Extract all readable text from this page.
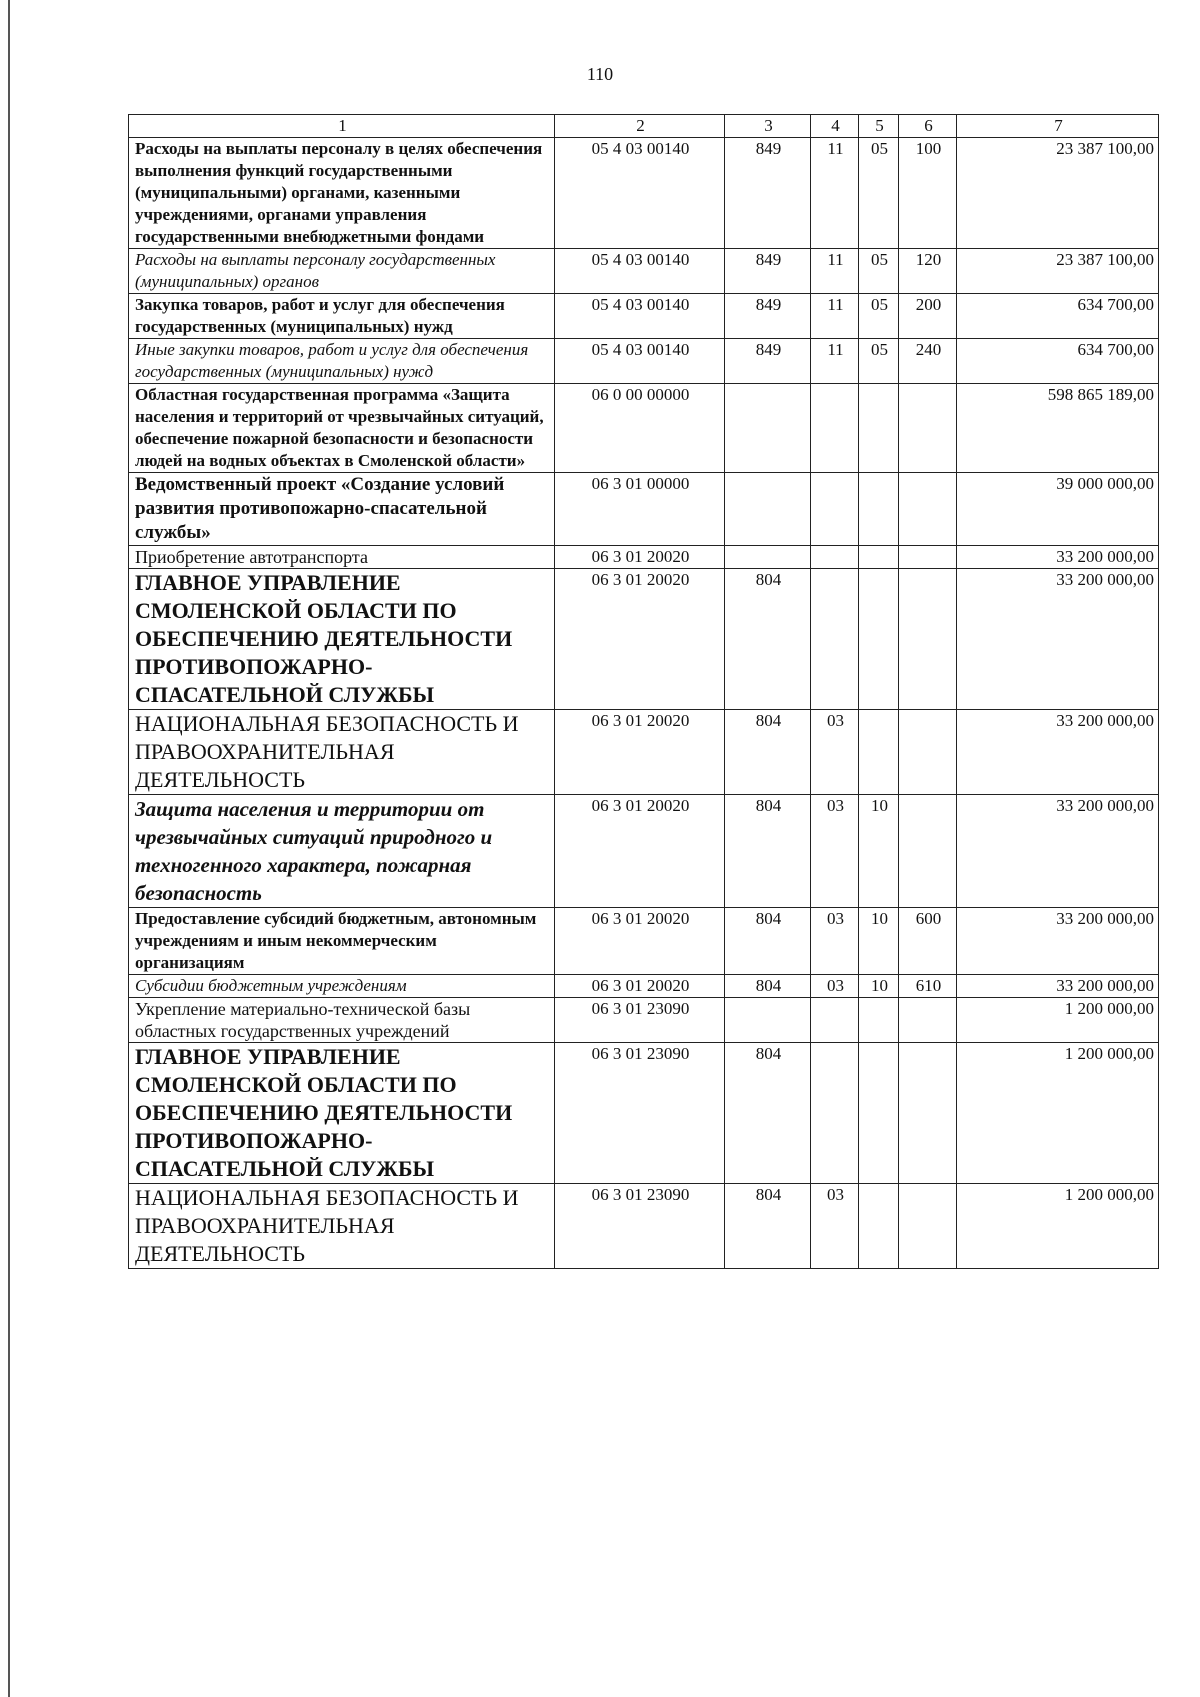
110
1	2	3	4	5	6	7
Расходы на выплаты персоналу в целях обеспечения выполнения функций государственными (муниципальными) органами, казенными учреждениями, органами управления государственными внебюджетными фондами	05 4 03 00140	849	11	05	100	23 387 100,00
Расходы на выплаты персоналу государственных (муниципальных) органов	05 4 03 00140	849	11	05	120	23 387 100,00
Закупка товаров, работ и услуг для обеспечения государственных (муниципальных) нужд	05 4 03 00140	849	11	05	200	634 700,00
Иные закупки товаров, работ и услуг для обеспечения государственных (муниципальных) нужд	05 4 03 00140	849	11	05	240	634 700,00
Областная государственная программа «Защита населения и территорий от чрезвычайных ситуаций, обеспечение пожарной безопасности и безопасности людей на водных объектах в Смоленской области»	06 0 00 00000					598 865 189,00
Ведомственный проект «Создание условий развития противопожарно-спасательной службы»	06 3 01 00000					39 000 000,00
Приобретение автотранспорта	06 3 01 20020					33 200 000,00
ГЛАВНОЕ УПРАВЛЕНИЕ СМОЛЕНСКОЙ ОБЛАСТИ ПО ОБЕСПЕЧЕНИЮ ДЕЯТЕЛЬНОСТИ ПРОТИВОПОЖАРНО-СПАСАТЕЛЬНОЙ СЛУЖБЫ	06 3 01 20020	804				33 200 000,00
НАЦИОНАЛЬНАЯ БЕЗОПАСНОСТЬ И ПРАВООХРАНИТЕЛЬНАЯ ДЕЯТЕЛЬНОСТЬ	06 3 01 20020	804	03			33 200 000,00
Защита населения и территории от чрезвычайных ситуаций природного и техногенного характера, пожарная безопасность	06 3 01 20020	804	03	10		33 200 000,00
Предоставление субсидий бюджетным, автономным учреждениям и иным некоммерческим организациям	06 3 01 20020	804	03	10	600	33 200 000,00
Субсидии бюджетным учреждениям	06 3 01 20020	804	03	10	610	33 200 000,00
Укрепление материально-технической базы областных государственных учреждений	06 3 01 23090					1 200 000,00
ГЛАВНОЕ УПРАВЛЕНИЕ СМОЛЕНСКОЙ ОБЛАСТИ ПО ОБЕСПЕЧЕНИЮ ДЕЯТЕЛЬНОСТИ ПРОТИВОПОЖАРНО-СПАСАТЕЛЬНОЙ СЛУЖБЫ	06 3 01 23090	804				1 200 000,00
НАЦИОНАЛЬНАЯ БЕЗОПАСНОСТЬ И ПРАВООХРАНИТЕЛЬНАЯ ДЕЯТЕЛЬНОСТЬ	06 3 01 23090	804	03			1 200 000,00
